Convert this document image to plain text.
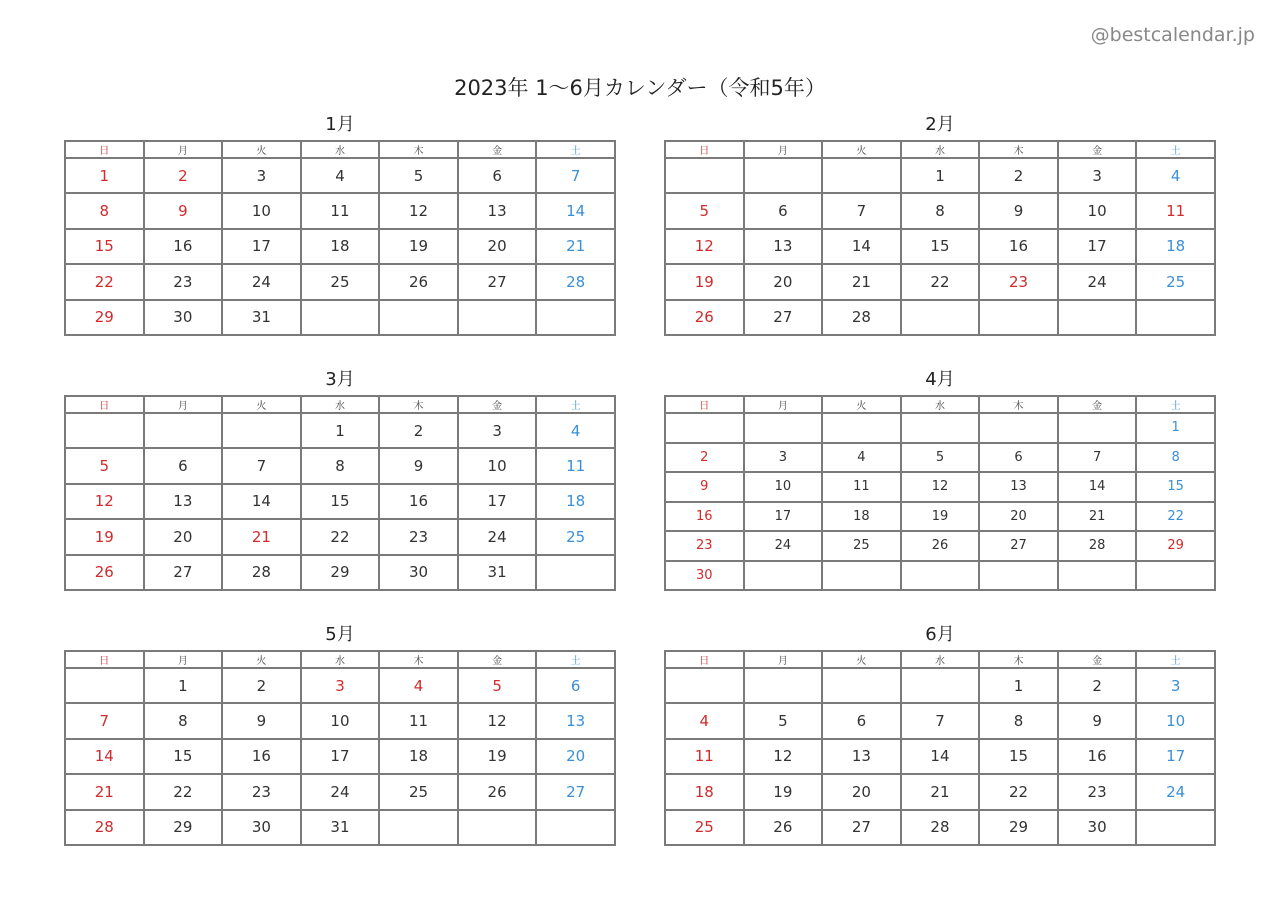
@bestcalendar.jp
2023年 1〜6月カレンダー（令和5年）
1月
日	月	火	水	木	金	土
1	2	3	4	5	6	7
8	9	10	11	12	13	14
15	16	17	18	19	20	21
22	23	24	25	26	27	28
29	30	31				
2月
日	月	火	水	木	金	土
			1	2	3	4
5	6	7	8	9	10	11
12	13	14	15	16	17	18
19	20	21	22	23	24	25
26	27	28				
3月
日	月	火	水	木	金	土
			1	2	3	4
5	6	7	8	9	10	11
12	13	14	15	16	17	18
19	20	21	22	23	24	25
26	27	28	29	30	31	
4月
日	月	火	水	木	金	土
						1
2	3	4	5	6	7	8
9	10	11	12	13	14	15
16	17	18	19	20	21	22
23	24	25	26	27	28	29
30						
5月
日	月	火	水	木	金	土
	1	2	3	4	5	6
7	8	9	10	11	12	13
14	15	16	17	18	19	20
21	22	23	24	25	26	27
28	29	30	31			
6月
日	月	火	水	木	金	土
				1	2	3
4	5	6	7	8	9	10
11	12	13	14	15	16	17
18	19	20	21	22	23	24
25	26	27	28	29	30	
